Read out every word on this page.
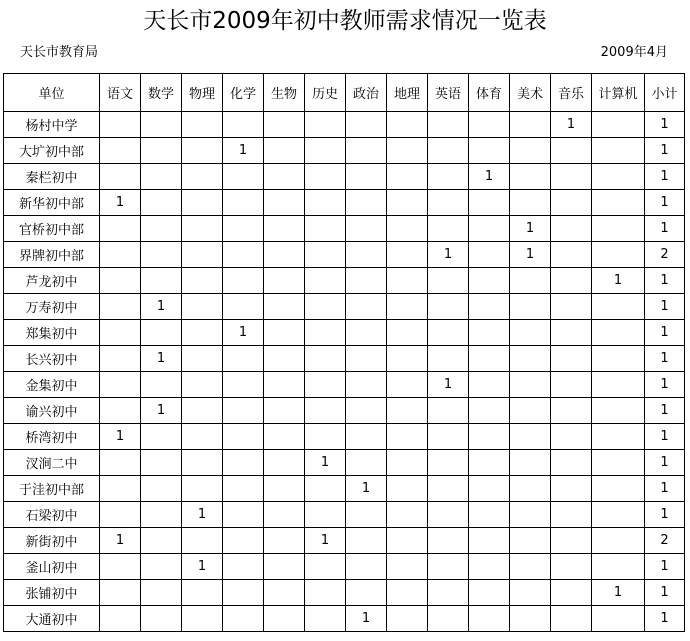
天长市2009年初中教师需求情况一览表
天长市教育局	2009年4月
单位	语文	数学	物理	化学	生物	历史	政治	地理	英语	体育	美术	音乐	计算机	小计
杨村中学												1		1
大圹初中部				1										1
秦栏初中										1				1
新华初中部	1													1
官桥初中部											1			1
界牌初中部									1		1			2
芦龙初中													1	1
万寿初中		1												1
郑集初中				1										1
长兴初中		1												1
金集初中									1					1
谕兴初中		1												1
桥湾初中	1													1
汊涧二中						1								1
于洼初中部							1							1
石梁初中			1											1
新街初中	1					1								2
釜山初中			1											1
张铺初中													1	1
大通初中							1							1
